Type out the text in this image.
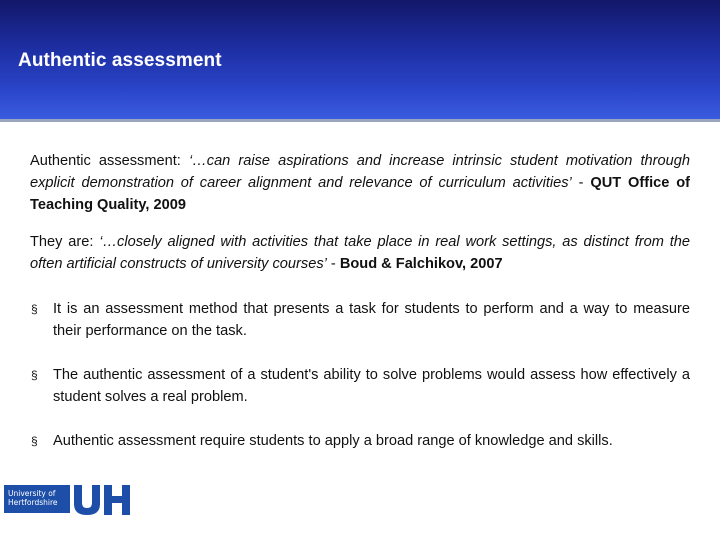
Authentic assessment

Authentic assessment: ‘…can raise aspirations and increase intrinsic student motivation through explicit demonstration of career alignment and relevance of curriculum activities’ - QUT Office of Teaching Quality, 2009

They are: ‘…closely aligned with activities that take place in real work settings, as distinct from the often artificial constructs of university courses’ - Boud & Falchikov, 2007

§ It is an assessment method that presents a task for students to perform and a way to measure their performance on the task.
§ The authentic assessment of a student's ability to solve problems would assess how effectively a student solves a real problem.
§ Authentic assessment require students to apply a broad range of knowledge and skills.
University of Hertfordshire
